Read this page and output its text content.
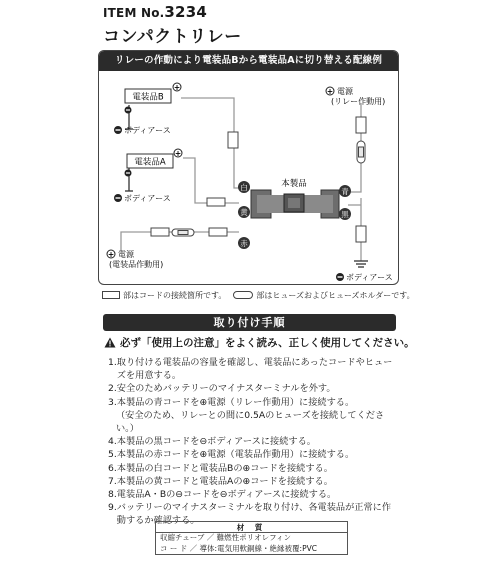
ITEM No.3234
コンパクトリレー
リレーの作動により電装品Bから電装品Aに切り替える配線例
電装品B
+
電装品A
+
ボディアース
ボディアース
白
黄
赤
青
黒
本製品
+ 電源
(リレー作動用)
+ 電源
(電装品作動用)
ボディアース
部はコードの接続箇所です。	部はヒューズおよびヒューズホルダーです。
取り付け手順
必ず「使用上の注意」をよく読み、正しく使用してください。
1. 取り付ける電装品の容量を確認し、電装品にあったコードやヒューズを用意する。
2. 安全のためバッテリーのマイナスターミナルを外す。
3. 本製品の青コードを⊕電源（リレー作動用）に接続する。
（安全のため、リレーとの間に0.5Aのヒューズを接続してください。）
4. 本製品の黒コードを⊖ボディアースに接続する。
5. 本製品の赤コードを⊕電源（電装品作動用）に接続する。
6. 本製品の白コードと電装品Bの⊕コードを接続する。
7. 本製品の黄コードと電装品Aの⊕コードを接続する。
8. 電装品A・Bの⊖コードを⊖ボディアースに接続する。
9. バッテリーのマイナスターミナルを取り付け、各電装品が正常に作動するか確認する。
材 質
収縮チューブ ／ 難燃性ポリオレフィン
コ ー ド ／ 導体:電気用軟銅線・絶縁被覆:PVC
